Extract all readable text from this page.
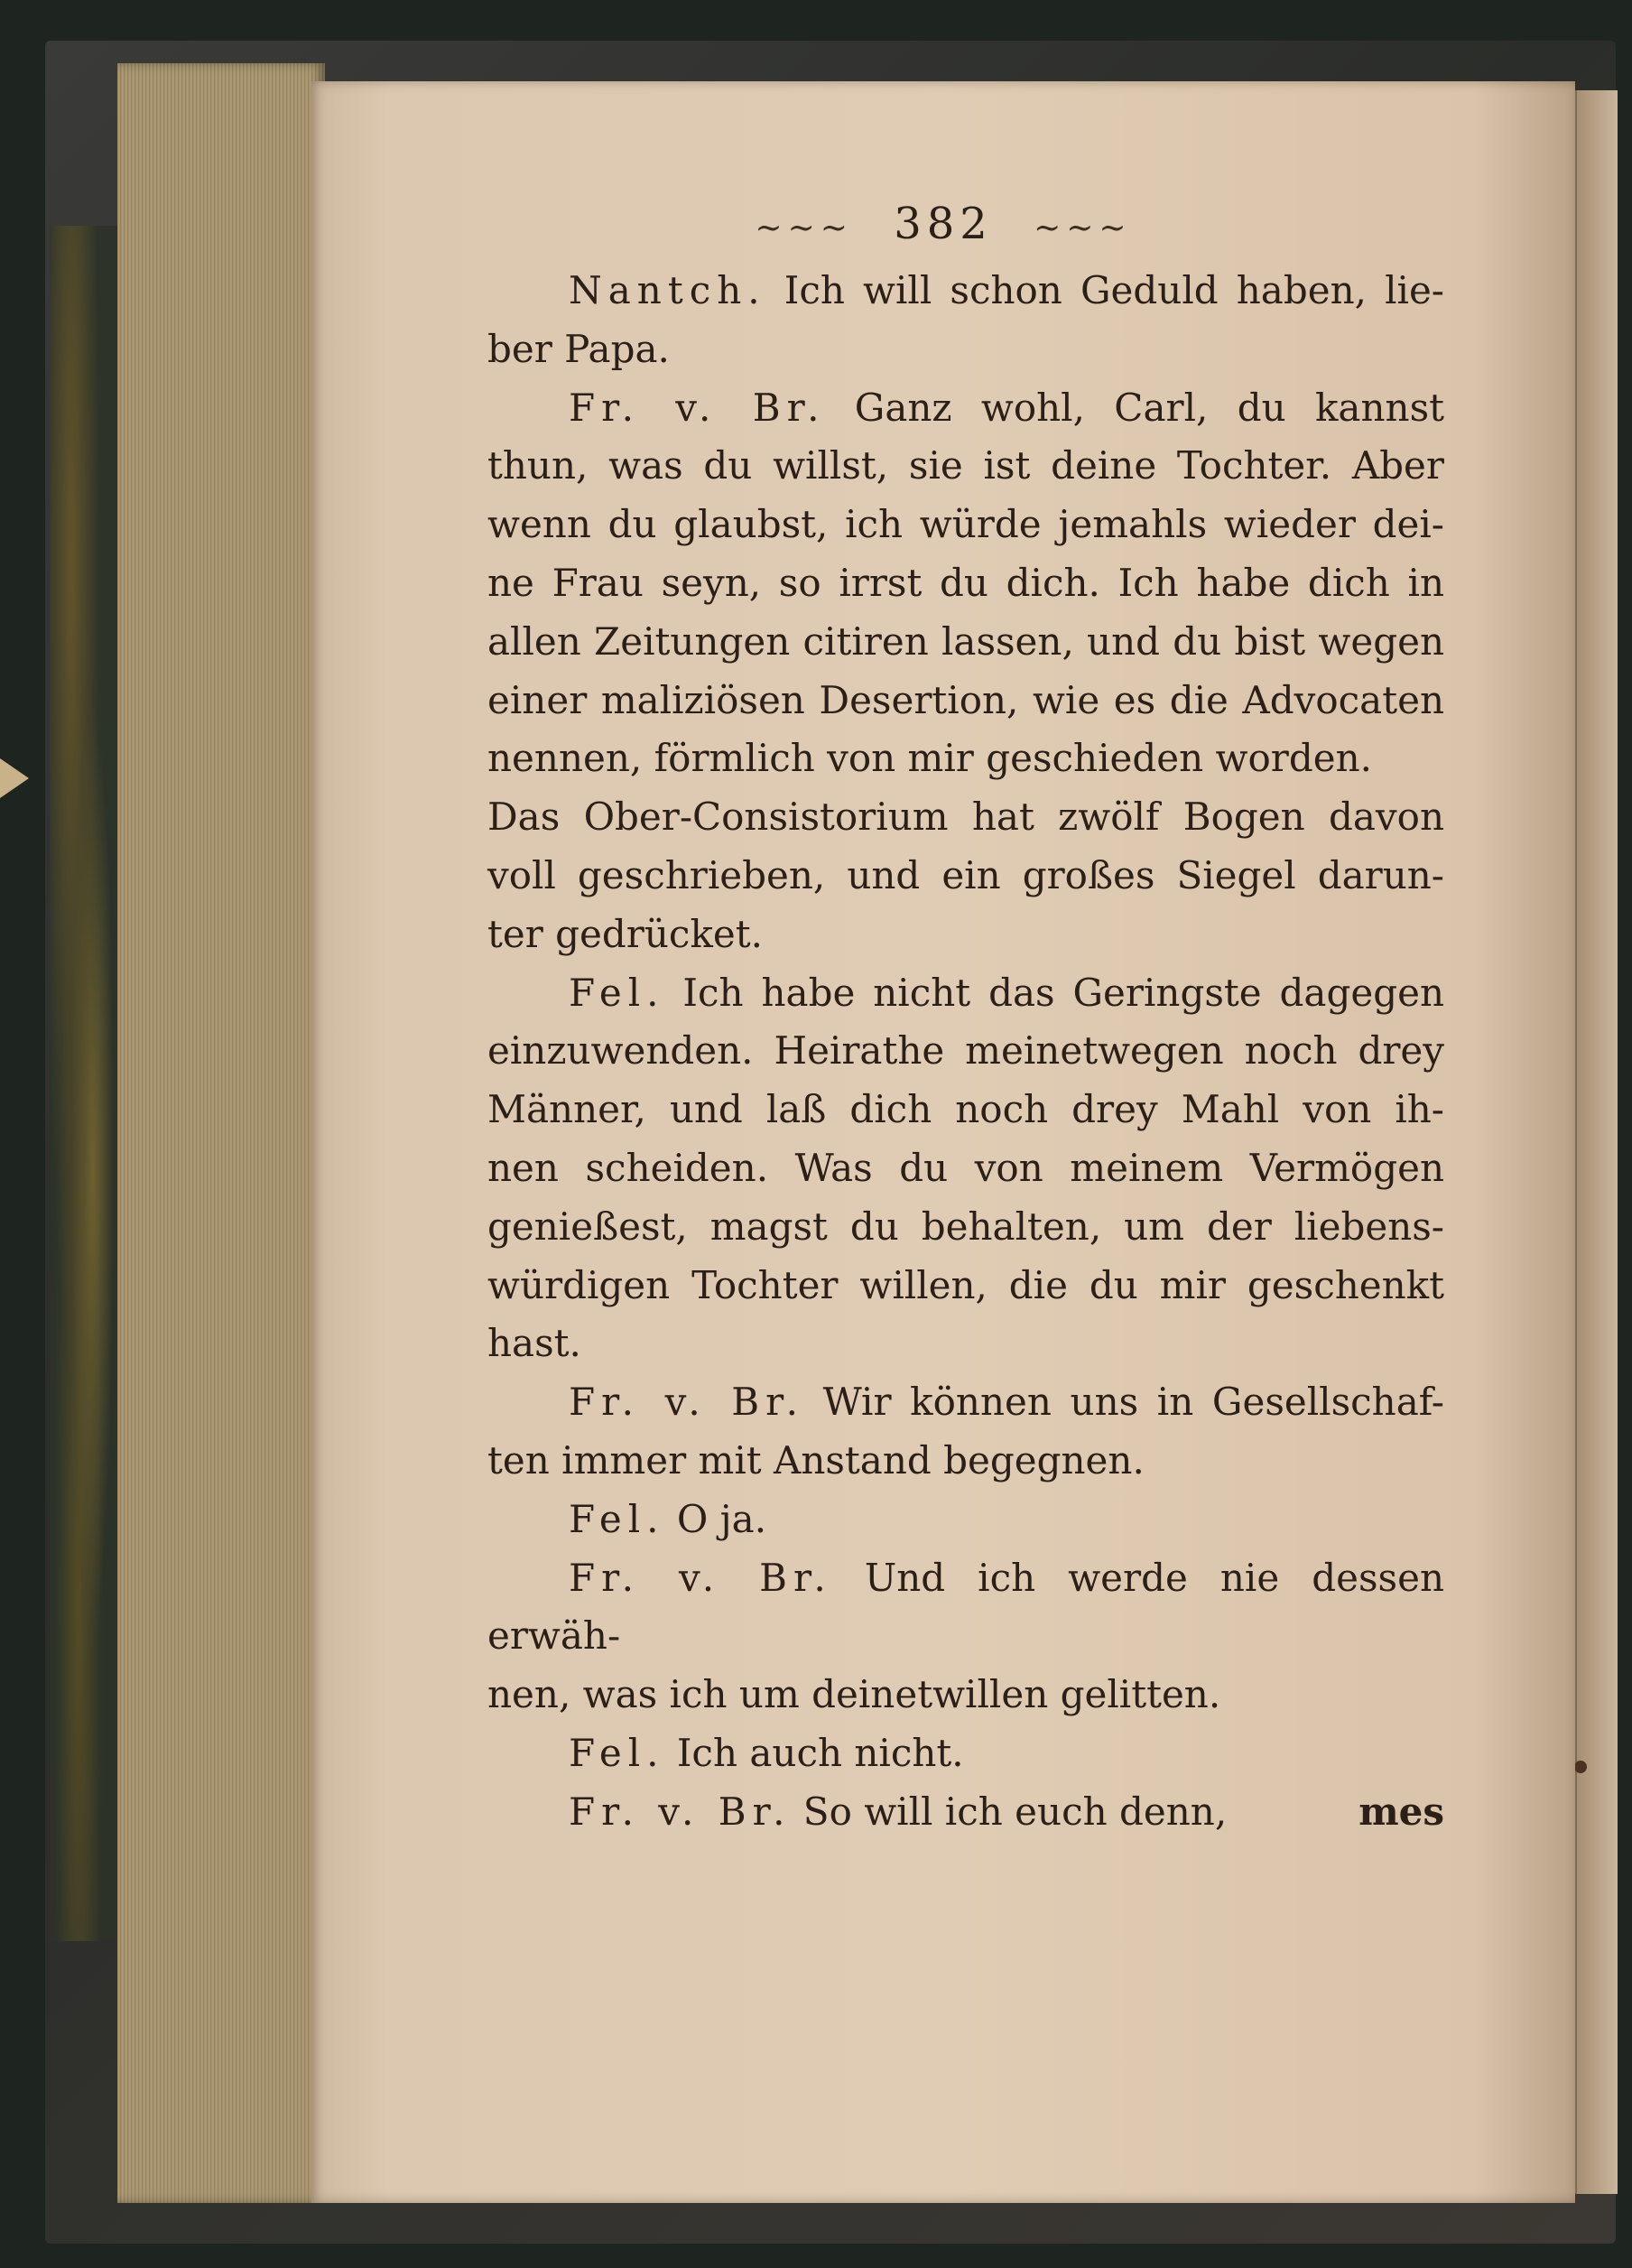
~~~ 382 ~~~

Nantch. Ich will schon Geduld haben, lie-

ber Papa.

Fr. v. Br. Ganz wohl, Carl, du kannst

thun, was du willst, sie ist deine Tochter. Aber

wenn du glaubst, ich würde jemahls wieder dei-

ne Frau seyn, so irrst du dich. Ich habe dich in

allen Zeitungen citiren lassen, und du bist wegen

einer maliziösen Desertion, wie es die Advocaten

nennen, förmlich von mir geschieden worden.

Das Ober-Consistorium hat zwölf Bogen davon

voll geschrieben, und ein großes Siegel darun-

ter gedrücket.

Fel. Ich habe nicht das Geringste dagegen

einzuwenden. Heirathe meinetwegen noch drey

Männer, und laß dich noch drey Mahl von ih-

nen scheiden. Was du von meinem Vermögen

genießest, magst du behalten, um der liebens-

würdigen Tochter willen, die du mir geschenkt

hast.

Fr. v. Br. Wir können uns in Gesellschaf-

ten immer mit Anstand begegnen.

Fel. O ja.

Fr. v. Br. Und ich werde nie dessen erwäh-

nen, was ich um deinetwillen gelitten.

Fel. Ich auch nicht.

Fr. v. Br. So will ich euch denn,	mes
